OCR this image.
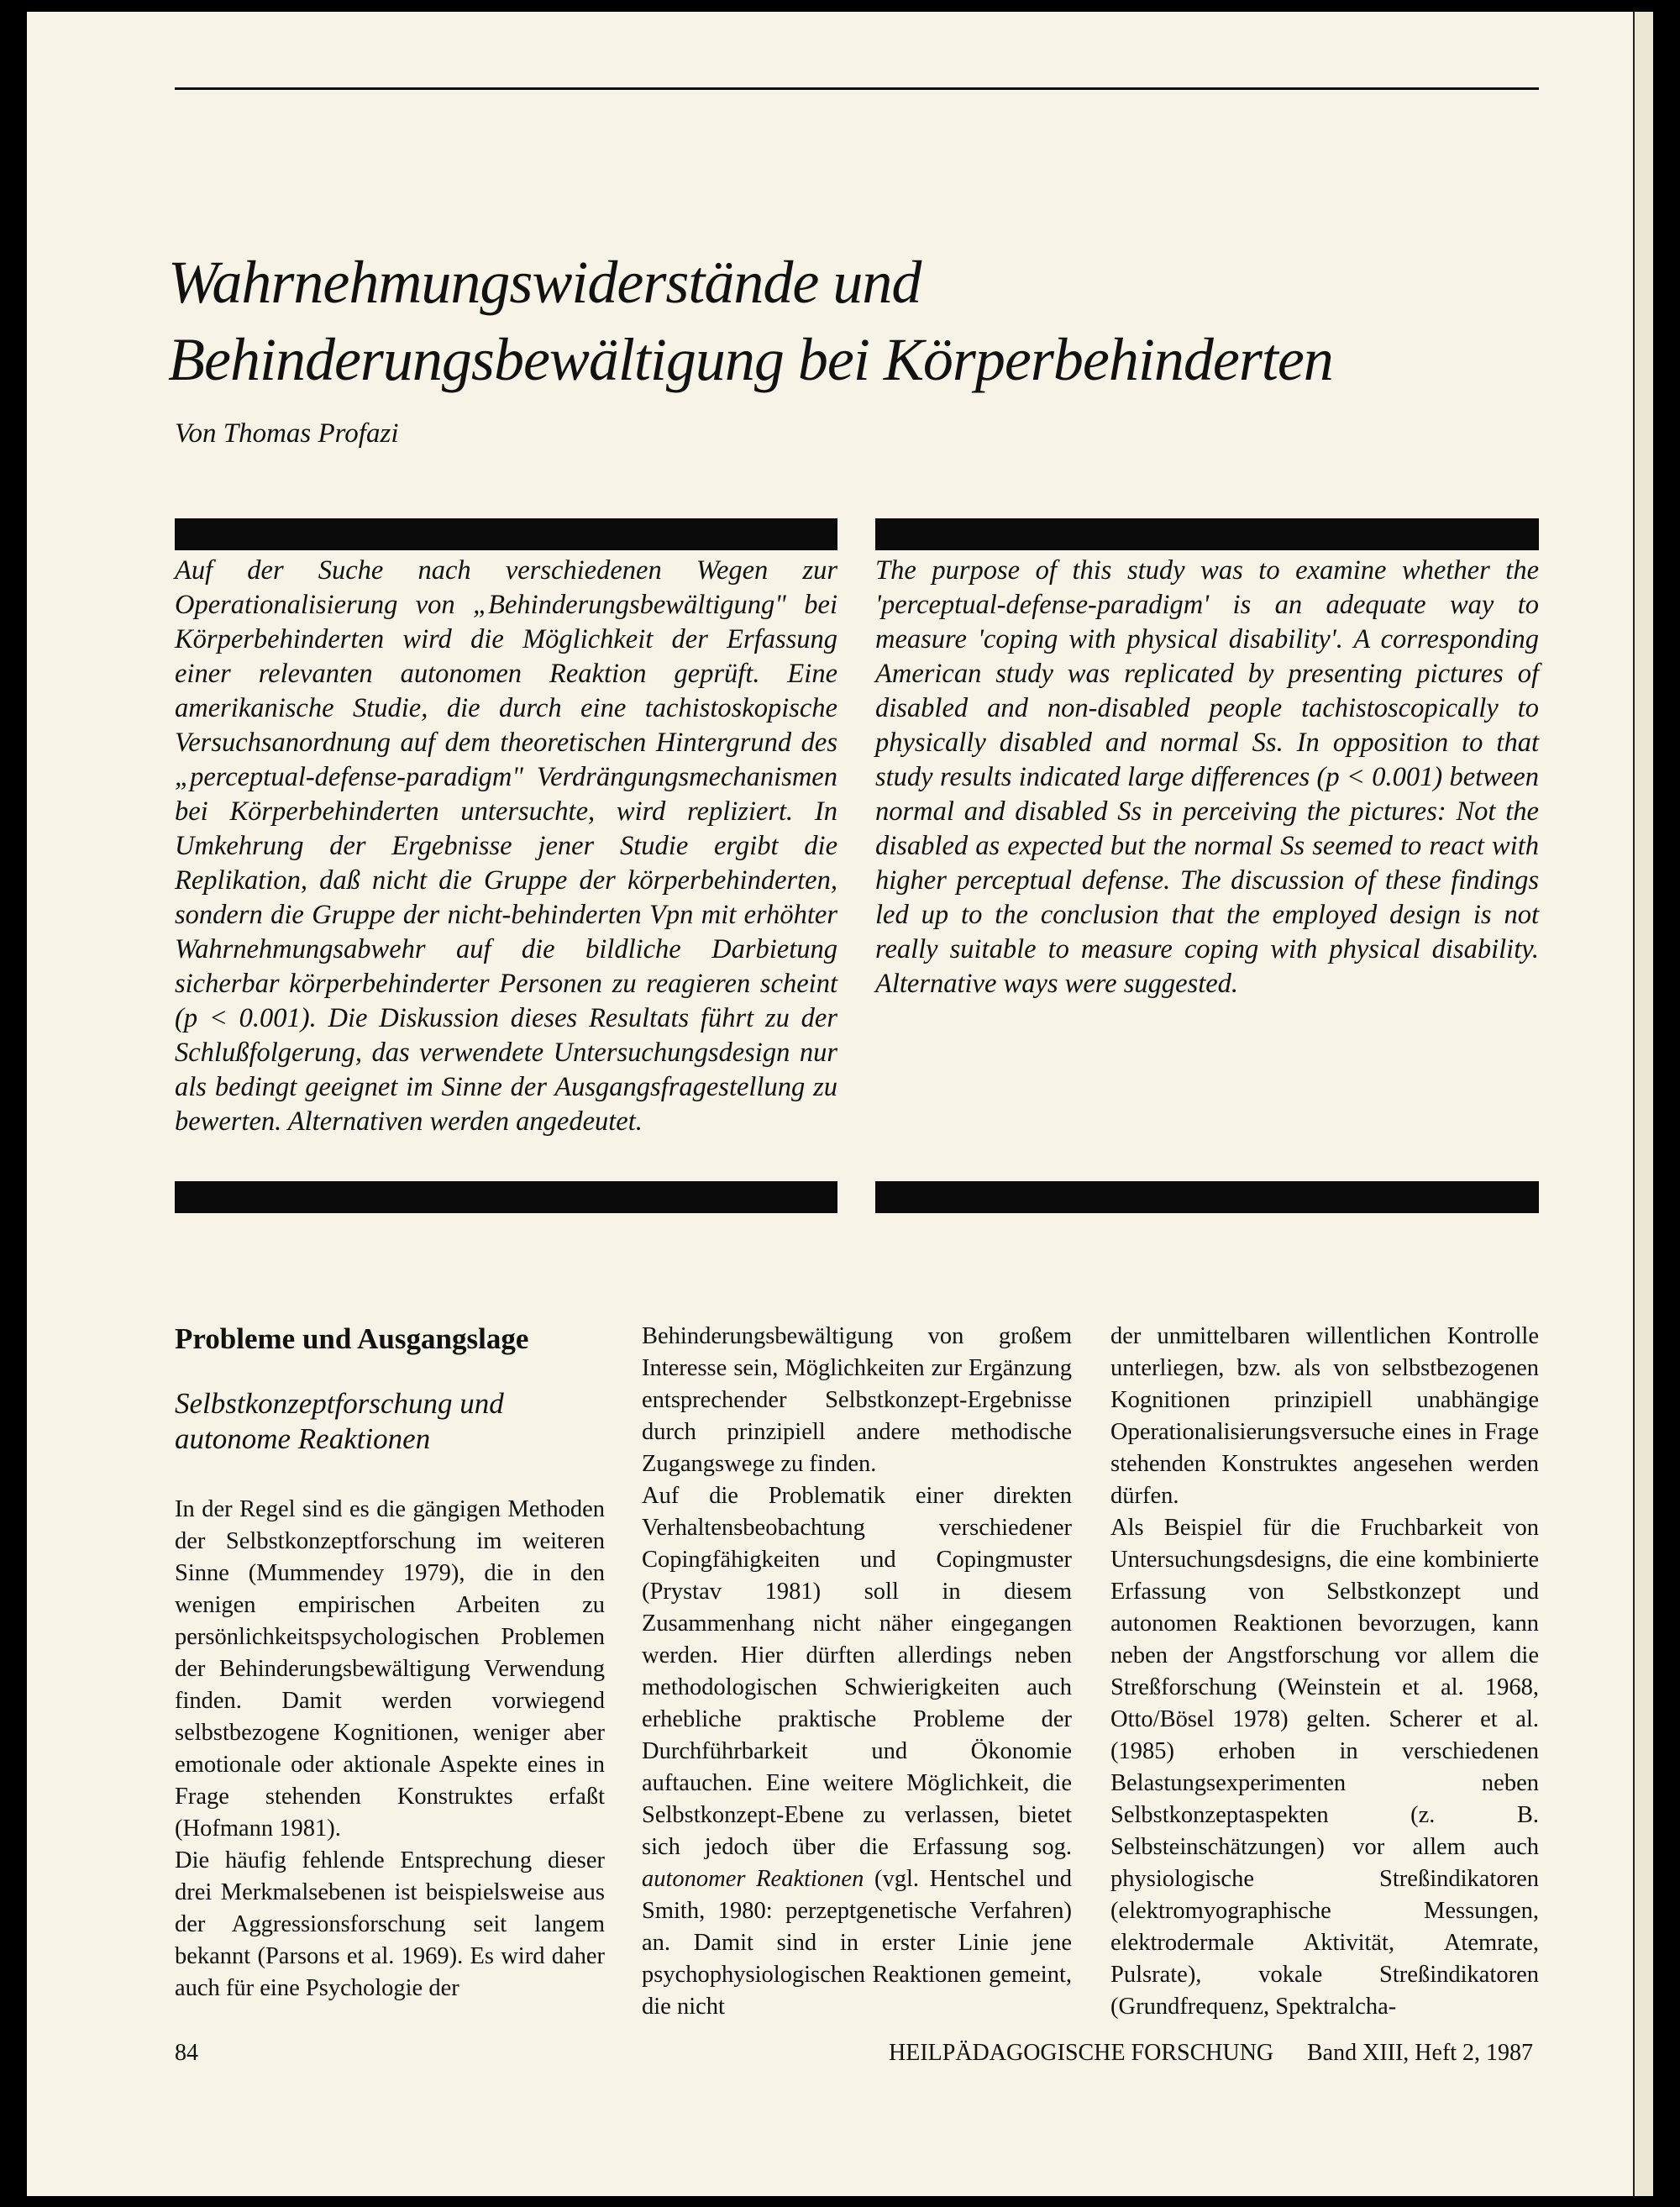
Wahrnehmungswiderstände und
Behinderungsbewältigung bei Körperbehinderten
Von Thomas Profazi
Auf der Suche nach verschiedenen Wegen zur Operationalisierung von „Behinderungsbewältigung" bei Körperbehinderten wird die Möglichkeit der Erfassung einer relevanten autonomen Reaktion geprüft. Eine amerikanische Studie, die durch eine tachistoskopische Versuchsanordnung auf dem theoretischen Hintergrund des „perceptual-defense-paradigm" Verdrängungsmechanismen bei Körperbehinderten untersuchte, wird repliziert. In Umkehrung der Ergebnisse jener Studie ergibt die Replikation, daß nicht die Gruppe der körperbehinderten, sondern die Gruppe der nicht-behinderten Vpn mit erhöhter Wahrnehmungsabwehr auf die bildliche Darbietung sicherbar körperbehinderter Personen zu reagieren scheint (p < 0.001). Die Diskussion dieses Resultats führt zu der Schlußfolgerung, das verwendete Untersuchungsdesign nur als bedingt geeignet im Sinne der Ausgangsfragestellung zu bewerten. Alternativen werden angedeutet.
The purpose of this study was to examine whether the 'perceptual-defense-paradigm' is an adequate way to measure 'coping with physical disability'. A corresponding American study was replicated by presenting pictures of disabled and non-disabled people tachistoscopically to physically disabled and normal Ss. In opposition to that study results indicated large differences (p < 0.001) between normal and disabled Ss in perceiving the pictures: Not the disabled as expected but the normal Ss seemed to react with higher perceptual defense. The discussion of these findings led up to the conclusion that the employed design is not really suitable to measure coping with physical disability. Alternative ways were suggested.
Probleme und Ausgangslage
Selbstkonzeptforschung und autonome Reaktionen

In der Regel sind es die gängigen Methoden der Selbstkonzeptforschung im weiteren Sinne (Mummendey 1979), die in den wenigen empirischen Arbeiten zu persönlichkeitspsychologischen Problemen der Behinderungsbewältigung Verwendung finden. Damit werden vorwiegend selbstbezogene Kognitionen, weniger aber emotionale oder aktionale Aspekte eines in Frage stehenden Konstruktes erfaßt (Hofmann 1981).

Die häufig fehlende Entsprechung dieser drei Merkmalsebenen ist beispielsweise aus der Aggressionsforschung seit langem bekannt (Parsons et al. 1969). Es wird daher auch für eine Psychologie der

Behinderungsbewältigung von großem Interesse sein, Möglichkeiten zur Ergänzung entsprechender Selbstkonzept-Ergebnisse durch prinzipiell andere methodische Zugangswege zu finden.

Auf die Problematik einer direkten Verhaltensbeobachtung verschiedener Copingfähigkeiten und Copingmuster (Prystav 1981) soll in diesem Zusammenhang nicht näher eingegangen werden. Hier dürften allerdings neben methodologischen Schwierigkeiten auch erhebliche praktische Probleme der Durchführbarkeit und Ökonomie auftauchen. Eine weitere Möglichkeit, die Selbstkonzept-Ebene zu verlassen, bietet sich jedoch über die Erfassung sog. autonomer Reaktionen (vgl. Hentschel und Smith, 1980: perzeptgenetische Verfahren) an. Damit sind in erster Linie jene psychophysiologischen Reaktionen gemeint, die nicht

der unmittelbaren willentlichen Kontrolle unterliegen, bzw. als von selbstbezogenen Kognitionen prinzipiell unabhängige Operationalisierungsversuche eines in Frage stehenden Konstruktes angesehen werden dürfen.

Als Beispiel für die Fruchbarkeit von Untersuchungsdesigns, die eine kombinierte Erfassung von Selbstkonzept und autonomen Reaktionen bevorzugen, kann neben der Angstforschung vor allem die Streßforschung (Weinstein et al. 1968, Otto/Bösel 1978) gelten. Scherer et al. (1985) erhoben in verschiedenen Belastungsexperimenten neben Selbstkonzeptaspekten (z. B. Selbsteinschätzungen) vor allem auch physiologische Streßindikatoren (elektromyographische Messungen, elektrodermale Aktivität, Atemrate, Pulsrate), vokale Streßindikatoren (Grundfrequenz, Spektralcha-

84	HEILPÄDAGOGISCHE FORSCHUNG Band XIII, Heft 2, 1987
